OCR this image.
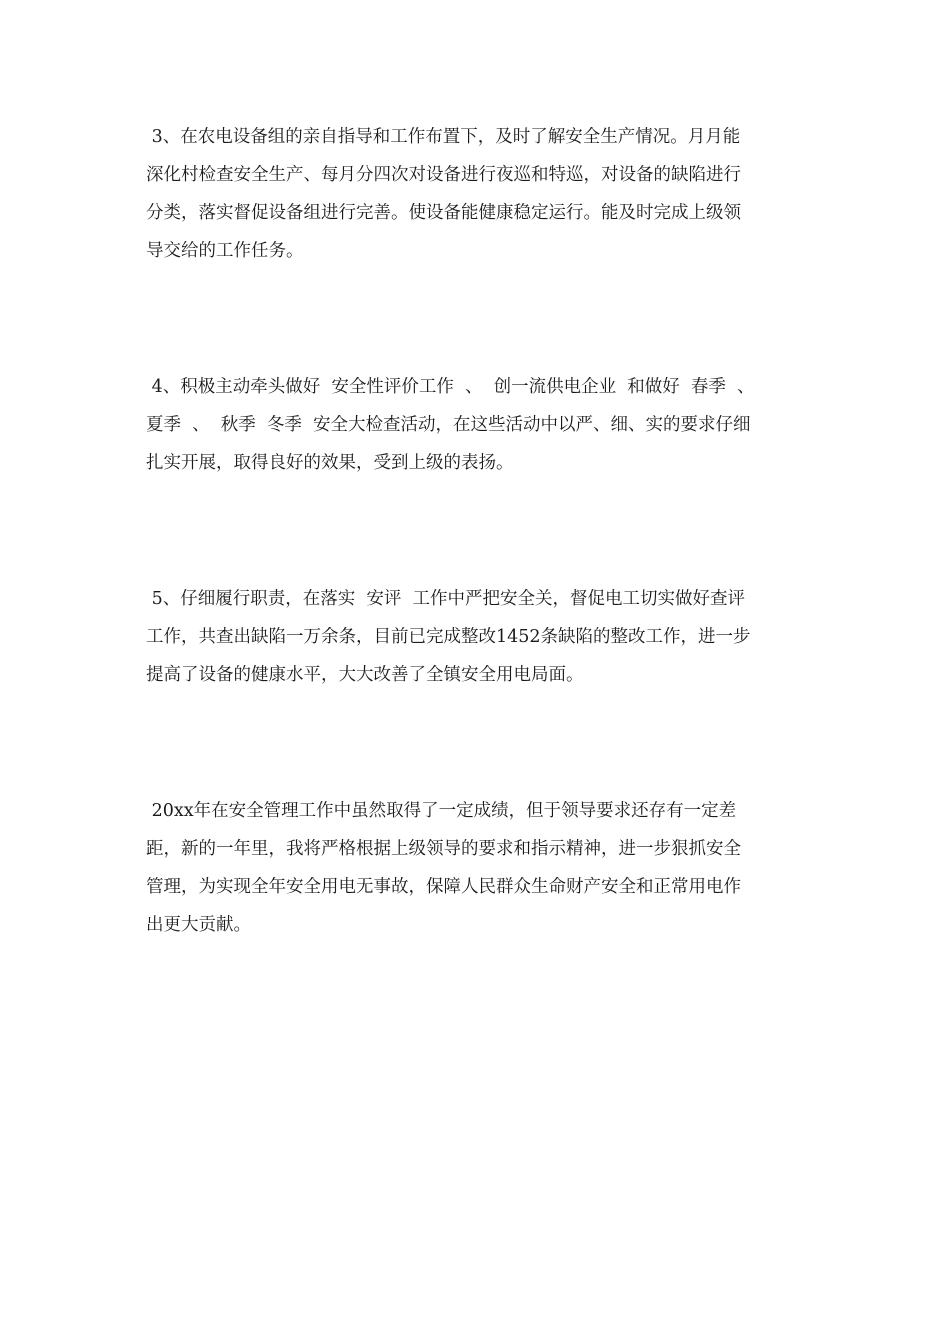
3、在农电设备组的亲自指导和工作布置下，及时了解安全生产情况。月月能
深化村检查安全生产、每月分四次对设备进行夜巡和特巡，对设备的缺陷进行
分类，落实督促设备组进行完善。使设备能健康稳定运行。能及时完成上级领
导交给的工作任务。

4、积极主动牵头做好  安全性评价工作  、  创一流供电企业  和做好  春季  、
夏季  、  秋季  冬季  安全大检查活动，在这些活动中以严、细、实的要求仔细
扎实开展，取得良好的效果，受到上级的表扬。

5、仔细履行职责，在落实  安评  工作中严把安全关，督促电工切实做好查评
工作，共查出缺陷一万余条，目前已完成整改1452条缺陷的整改工作，进一步
提高了设备的健康水平，大大改善了全镇安全用电局面。

20xx年在安全管理工作中虽然取得了一定成绩，但于领导要求还存有一定差
距，新的一年里，我将严格根据上级领导的要求和指示精神，进一步狠抓安全
管理，为实现全年安全用电无事故，保障人民群众生命财产安全和正常用电作
出更大贡献。
